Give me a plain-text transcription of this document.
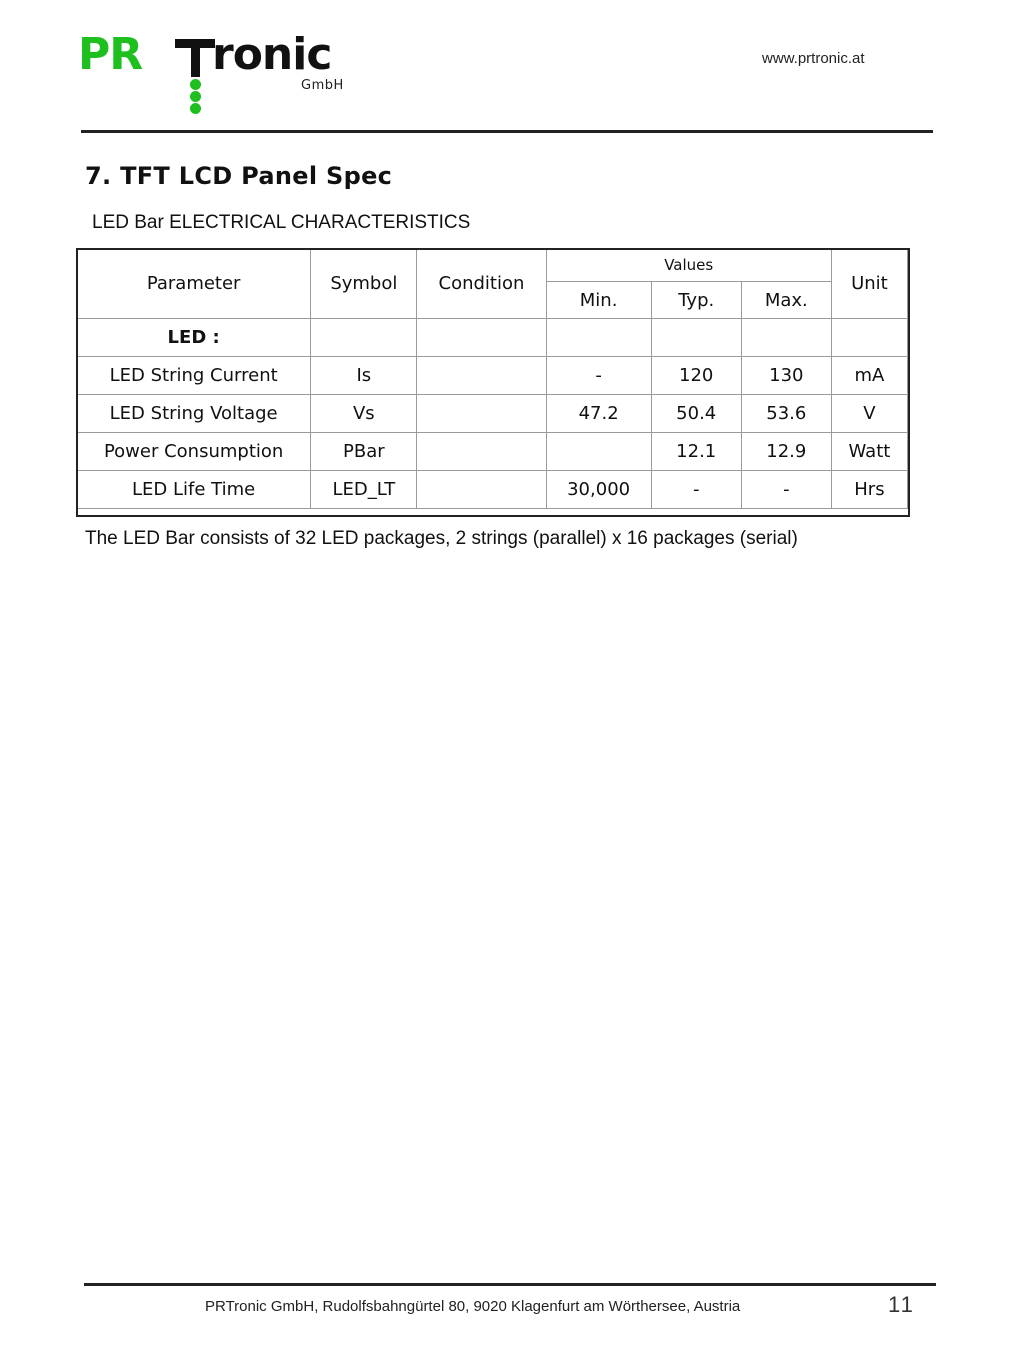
PR ronic
GmbH
www.prtronic.at
7. TFT LCD Panel Spec
LED Bar ELECTRICAL CHARACTERISTICS
Parameter	Symbol	Condition	Values			Unit
			Min.	Typ.	Max.	
LED :						
LED String Current	Is		-	120	130	mA
LED String Voltage	Vs		47.2	50.4	53.6	V
Power Consumption	PBar			12.1	12.9	Watt
LED Life Time	LED_LT		30,000	-	-	Hrs
The LED Bar consists of 32 LED packages, 2 strings (parallel) x 16 packages (serial)
PRTronic GmbH, Rudolfsbahngürtel 80, 9020 Klagenfurt am Wörthersee, Austria	11
